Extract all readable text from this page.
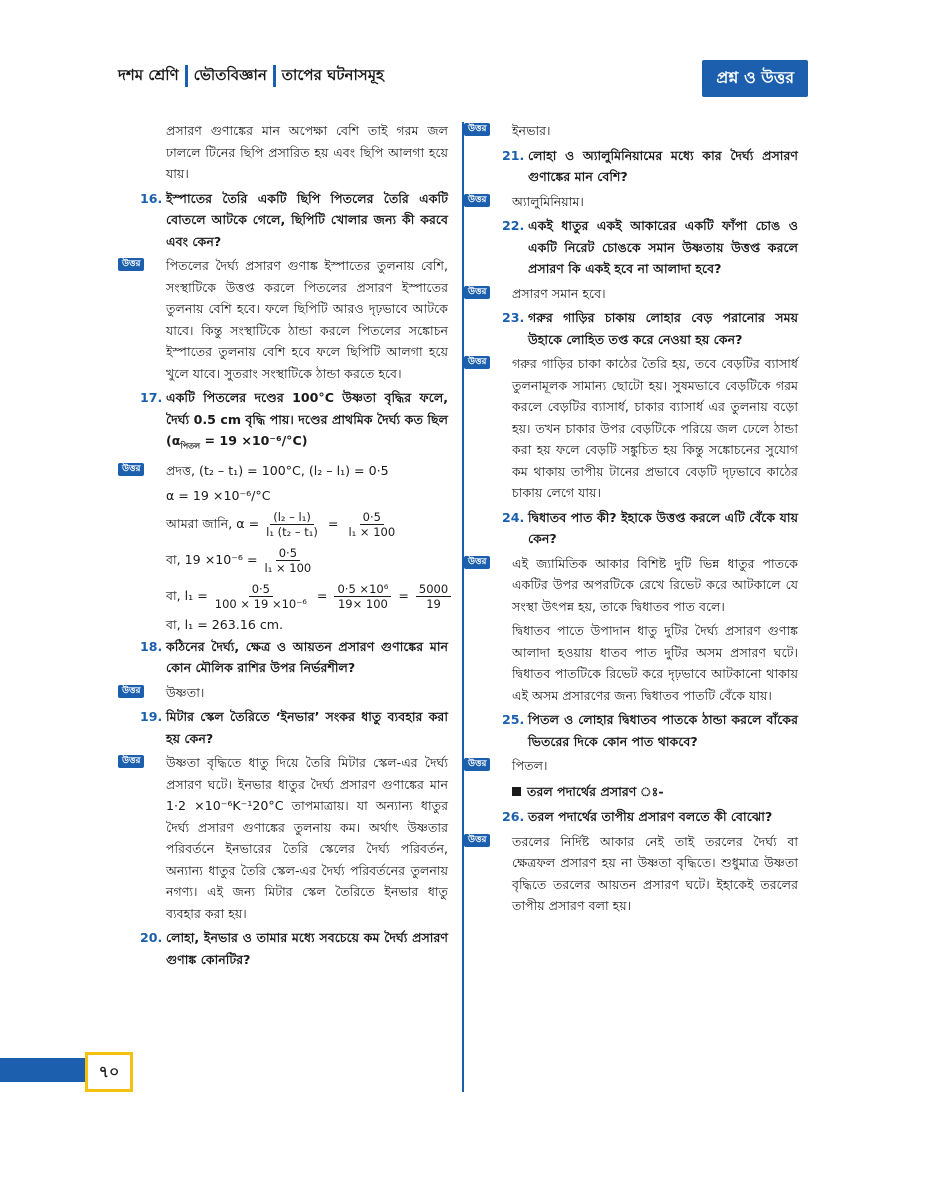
দশম শ্রেণি ভৌতবিজ্ঞান তাপের ঘটনাসমূহ	প্রশ্ন ও উত্তর

প্রসারণ গুণাঙ্কের মান অপেক্ষা বেশি তাই গরম জল ঢাললে টিনের ছিপি প্রসারিত হয় এবং ছিপি আলগা হয়ে যায়।

16. ইস্পাতের তৈরি একটি ছিপি পিতলের তৈরি একটি বোতলে আটকে গেলে, ছিপিটি খোলার জন্য কী করবে এবং কেন?
উত্তর	পিতলের দৈর্ঘ্য প্রসারণ গুণাঙ্ক ইস্পাতের তুলনায় বেশি, সংস্থাটিকে উত্তপ্ত করলে পিতলের প্রসারণ ইস্পাতের তুলনায় বেশি হবে। ফলে ছিপিটি আরও দৃঢ়ভাবে আটকে যাবে। কিন্তু সংস্থাটিকে ঠান্ডা করলে পিতলের সঙ্কোচন ইস্পাতের তুলনায় বেশি হবে ফলে ছিপিটি আলগা হয়ে খুলে যাবে। সুতরাং সংস্থাটিকে ঠান্ডা করতে হবে।
17. একটি পিতলের দণ্ডের 100°C উষ্ণতা বৃদ্ধির ফলে, দৈর্ঘ্য 0.5 cm বৃদ্ধি পায়। দণ্ডের প্রাথমিক দৈর্ঘ্য কত ছিল $(\alpha_{পিতল} = 19 \times 10^{-6}/^\circ C)$
উত্তর	প্রদত্ত, (t₂ – t₁) = 100°C, (l₂ – l₁) = 0·5
α = 19 ×10⁻⁶/°C
আমরা জানি, $\alpha = \frac{\text{(l₂ – l₁)}}{\text{l₁ (t₂ – t₁)}} = \frac{0\cdot 5}{\text{l₁ × 100}}$
বা, $19 \times 10^{-6} = \frac{0\cdot 5}{\text{l₁ × 100}}$
বা, $l_1 = \frac{0\cdot 5}{\text{100 × 19 ×10⁻⁶}} = \frac{\text{0·5 ×10⁶}}{19\times 100} = \frac{5000}{19}$
বা, l₁ = 263.16 cm.
18. কঠিনের দৈর্ঘ্য, ক্ষেত্র ও আয়তন প্রসারণ গুণাঙ্কের মান কোন মৌলিক রাশির উপর নির্ভরশীল?
উত্তর	উষ্ণতা।
19. মিটার স্কেল তৈরিতে ‘ইনভার’ সংকর ধাতু ব্যবহার করা হয় কেন?
উত্তর	উষ্ণতা বৃদ্ধিতে ধাতু দিয়ে তৈরি মিটার স্কেল-এর দৈর্ঘ্য প্রসারণ ঘটে। ইনভার ধাতুর দৈর্ঘ্য প্রসারণ গুণাঙ্কের মান 1·2 ×10⁻⁶K⁻¹20°C তাপমাত্রায়। যা অন্যান্য ধাতুর দৈর্ঘ্য প্রসারণ গুণাঙ্কের তুলনায় কম। অর্থাৎ উষ্ণতার পরিবর্তনে ইনভারের তৈরি স্কেলের দৈর্ঘ্য পরিবর্তন, অন্যান্য ধাতুর তৈরি স্কেল-এর দৈর্ঘ্য পরিবর্তনের তুলনায় নগণ্য। এই জন্য মিটার স্কেল তৈরিতে ইনভার ধাতু ব্যবহার করা হয়।
20. লোহা, ইনভার ও তামার মধ্যে সবচেয়ে কম দৈর্ঘ্য প্রসারণ গুণাঙ্ক কোনটির?
উত্তর	ইনভার।
21. লোহা ও অ্যালুমিনিয়ামের মধ্যে কার দৈর্ঘ্য প্রসারণ গুণাঙ্কের মান বেশি?
উত্তর	অ্যালুমিনিয়াম।
22. একই ধাতুর একই আকারের একটি ফাঁপা চোঙ ও একটি নিরেট চোঙকে সমান উষ্ণতায় উত্তপ্ত করলে প্রসারণ কি একই হবে না আলাদা হবে?
উত্তর	প্রসারণ সমান হবে।
23. গরুর গাড়ির চাকায় লোহার বেড় পরানোর সময় উহাকে লোহিত তপ্ত করে নেওয়া হয় কেন?
উত্তর	গরুর গাড়ির চাকা কাঠের তৈরি হয়, তবে বেড়টির ব্যাসার্ধ তুলনামূলক সামান্য ছোটো হয়। সুষমভাবে বেড়টিকে গরম করলে বেড়টির ব্যাসার্ধ, চাকার ব্যাসার্ধ এর তুলনায় বড়ো হয়। তখন চাকার উপর বেড়টিকে পরিয়ে জল ঢেলে ঠান্ডা করা হয় ফলে বেড়টি সঙ্কুচিত হয় কিন্তু সঙ্কোচনের সুযোগ কম থাকায় তাপীয় টানের প্রভাবে বেড়টি দৃঢ়ভাবে কাঠের চাকায় লেগে যায়।
24. দ্বিধাতব পাত কী? ইহাকে উত্তপ্ত করলে এটি বেঁকে যায় কেন?
উত্তর	এই জ্যামিতিক আকার বিশিষ্ট দুটি ভিন্ন ধাতুর পাতকে একটির উপর অপরটিকে রেখে রিভেট করে আটকালে যে সংস্থা উৎপন্ন হয়, তাকে দ্বিধাতব পাত বলে।

দ্বিধাতব পাতে উপাদান ধাতু দুটির দৈর্ঘ্য প্রসারণ গুণাঙ্ক আলাদা হওয়ায় ধাতব পাত দুটির অসম প্রসারণ ঘটে। দ্বিধাতব পাতটিকে রিভেট করে দৃঢ়ভাবে আটকানো থাকায় এই অসম প্রসারণের জন্য দ্বিধাতব পাতটি বেঁকে যায়।

25. পিতল ও লোহার দ্বিধাতব পাতকে ঠান্ডা করলে বাঁকের ভিতরের দিকে কোন পাত থাকবে?
উত্তর	পিতল।
তরল পদার্থের প্রসারণ ঃ-
26. তরল পদার্থের তাপীয় প্রসারণ বলতে কী বোঝো?
উত্তর	তরলের নির্দিষ্ট আকার নেই তাই তরলের দৈর্ঘ্য বা ক্ষেত্রফল প্রসারণ হয় না উষ্ণতা বৃদ্ধিতে। শুধুমাত্র উষ্ণতা বৃদ্ধিতে তরলের আয়তন প্রসারণ ঘটে। ইহাকেই তরলের তাপীয় প্রসারণ বলা হয়।
৭০
